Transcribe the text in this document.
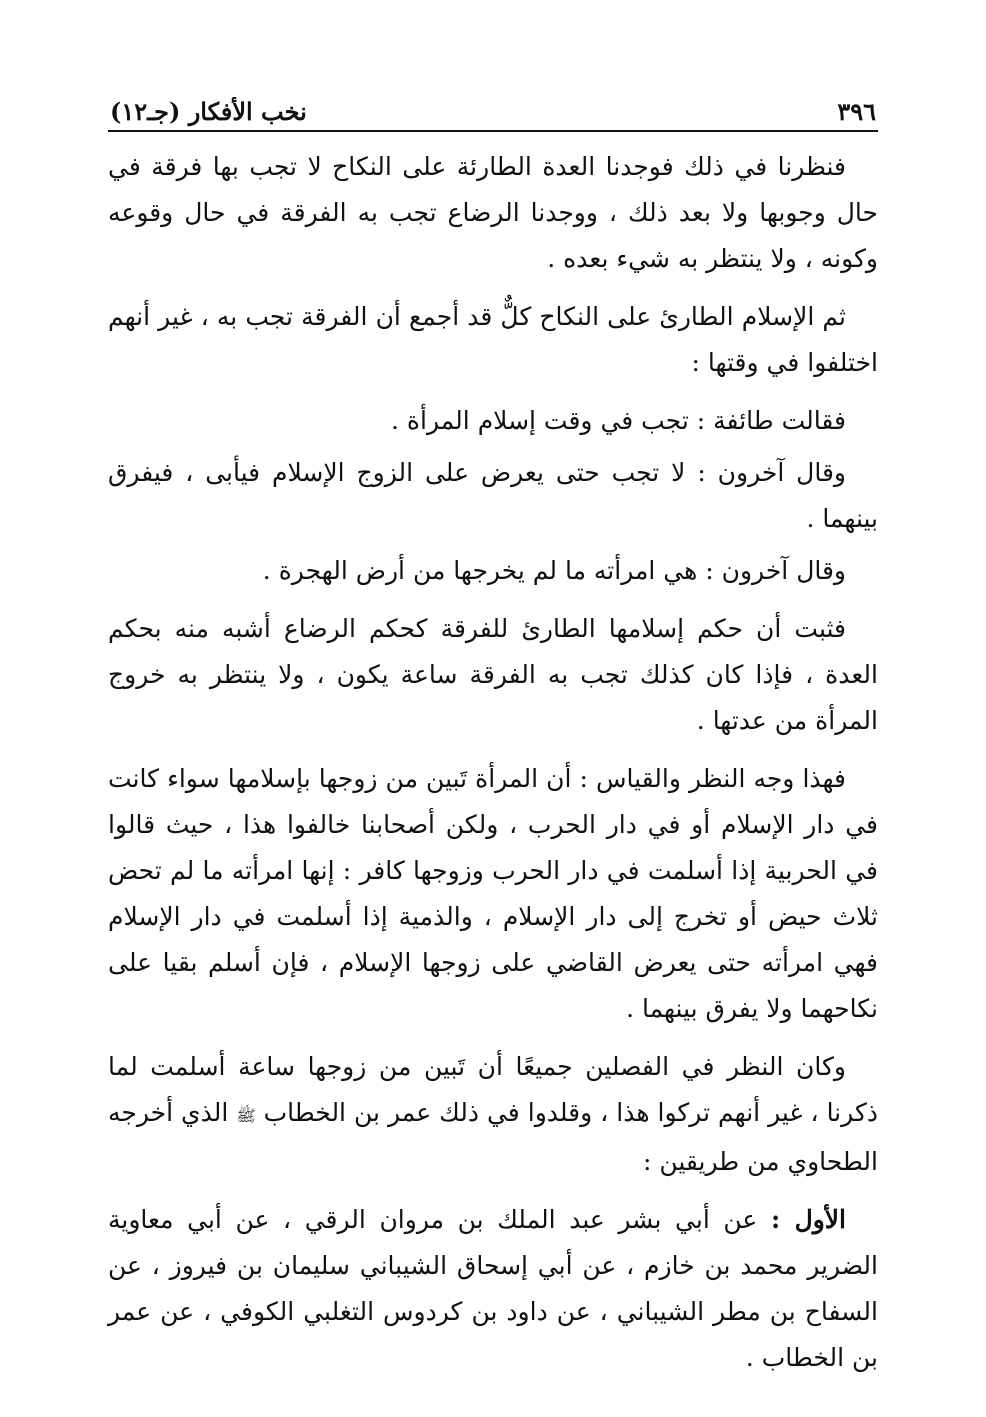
٣٩٦
نخب الأفكار (جـ١٢)

فنظرنا في ذلك فوجدنا العدة الطارئة على النكاح لا تجب بها فرقة في حال وجوبها ولا بعد ذلك ، ووجدنا الرضاع تجب به الفرقة في حال وقوعه وكونه ، ولا ينتظر به شيء بعده .

ثم الإسلام الطارئ على النكاح كلٌّ قد أجمع أن الفرقة تجب به ، غير أنهم اختلفوا في وقتها :

فقالت طائفة : تجب في وقت إسلام المرأة .

وقال آخرون : لا تجب حتى يعرض على الزوج الإسلام فيأبى ، فيفرق بينهما .

وقال آخرون : هي امرأته ما لم يخرجها من أرض الهجرة .

فثبت أن حكم إسلامها الطارئ للفرقة كحكم الرضاع أشبه منه بحكم العدة ، فإذا كان كذلك تجب به الفرقة ساعة يكون ، ولا ينتظر به خروج المرأة من عدتها .

فهذا وجه النظر والقياس : أن المرأة تَبين من زوجها بإسلامها سواء كانت في دار الإسلام أو في دار الحرب ، ولكن أصحابنا خالفوا هذا ، حيث قالوا في الحربية إذا أسلمت في دار الحرب وزوجها كافر : إنها امرأته ما لم تحض ثلاث حيض أو تخرج إلى دار الإسلام ، والذمية إذا أسلمت في دار الإسلام فهي امرأته حتى يعرض القاضي على زوجها الإسلام ، فإن أسلم بقيا على نكاحهما ولا يفرق بينهما .

وكان النظر في الفصلين جميعًا أن تَبين من زوجها ساعة أسلمت لما ذكرنا ، غير أنهم تركوا هذا ، وقلدوا في ذلك عمر بن الخطاب ﷺ الذي أخرجه الطحاوي من طريقين :

الأول : عن أبي بشر عبد الملك بن مروان الرقي ، عن أبي معاوية الضرير محمد بن خازم ، عن أبي إسحاق الشيباني سليمان بن فيروز ، عن السفاح بن مطر الشيباني ، عن داود بن كردوس التغلبي الكوفي ، عن عمر بن الخطاب .
